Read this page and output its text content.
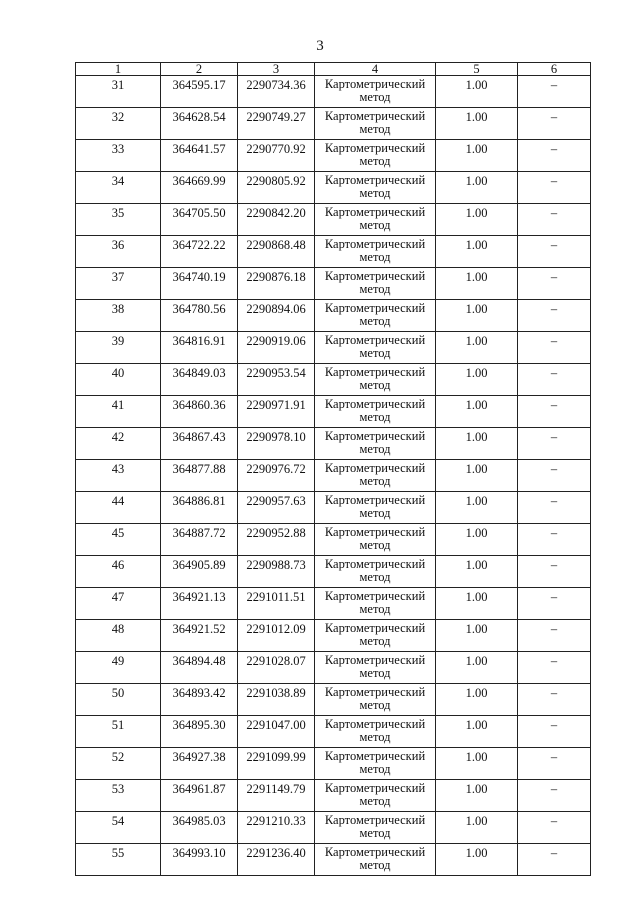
3
1	2	3	4	5	6
31	364595.17	2290734.36	Картометрический метод	1.00	–
32	364628.54	2290749.27	Картометрический метод	1.00	–
33	364641.57	2290770.92	Картометрический метод	1.00	–
34	364669.99	2290805.92	Картометрический метод	1.00	–
35	364705.50	2290842.20	Картометрический метод	1.00	–
36	364722.22	2290868.48	Картометрический метод	1.00	–
37	364740.19	2290876.18	Картометрический метод	1.00	–
38	364780.56	2290894.06	Картометрический метод	1.00	–
39	364816.91	2290919.06	Картометрический метод	1.00	–
40	364849.03	2290953.54	Картометрический метод	1.00	–
41	364860.36	2290971.91	Картометрический метод	1.00	–
42	364867.43	2290978.10	Картометрический метод	1.00	–
43	364877.88	2290976.72	Картометрический метод	1.00	–
44	364886.81	2290957.63	Картометрический метод	1.00	–
45	364887.72	2290952.88	Картометрический метод	1.00	–
46	364905.89	2290988.73	Картометрический метод	1.00	–
47	364921.13	2291011.51	Картометрический метод	1.00	–
48	364921.52	2291012.09	Картометрический метод	1.00	–
49	364894.48	2291028.07	Картометрический метод	1.00	–
50	364893.42	2291038.89	Картометрический метод	1.00	–
51	364895.30	2291047.00	Картометрический метод	1.00	–
52	364927.38	2291099.99	Картометрический метод	1.00	–
53	364961.87	2291149.79	Картометрический метод	1.00	–
54	364985.03	2291210.33	Картометрический метод	1.00	–
55	364993.10	2291236.40	Картометрический метод	1.00	–
